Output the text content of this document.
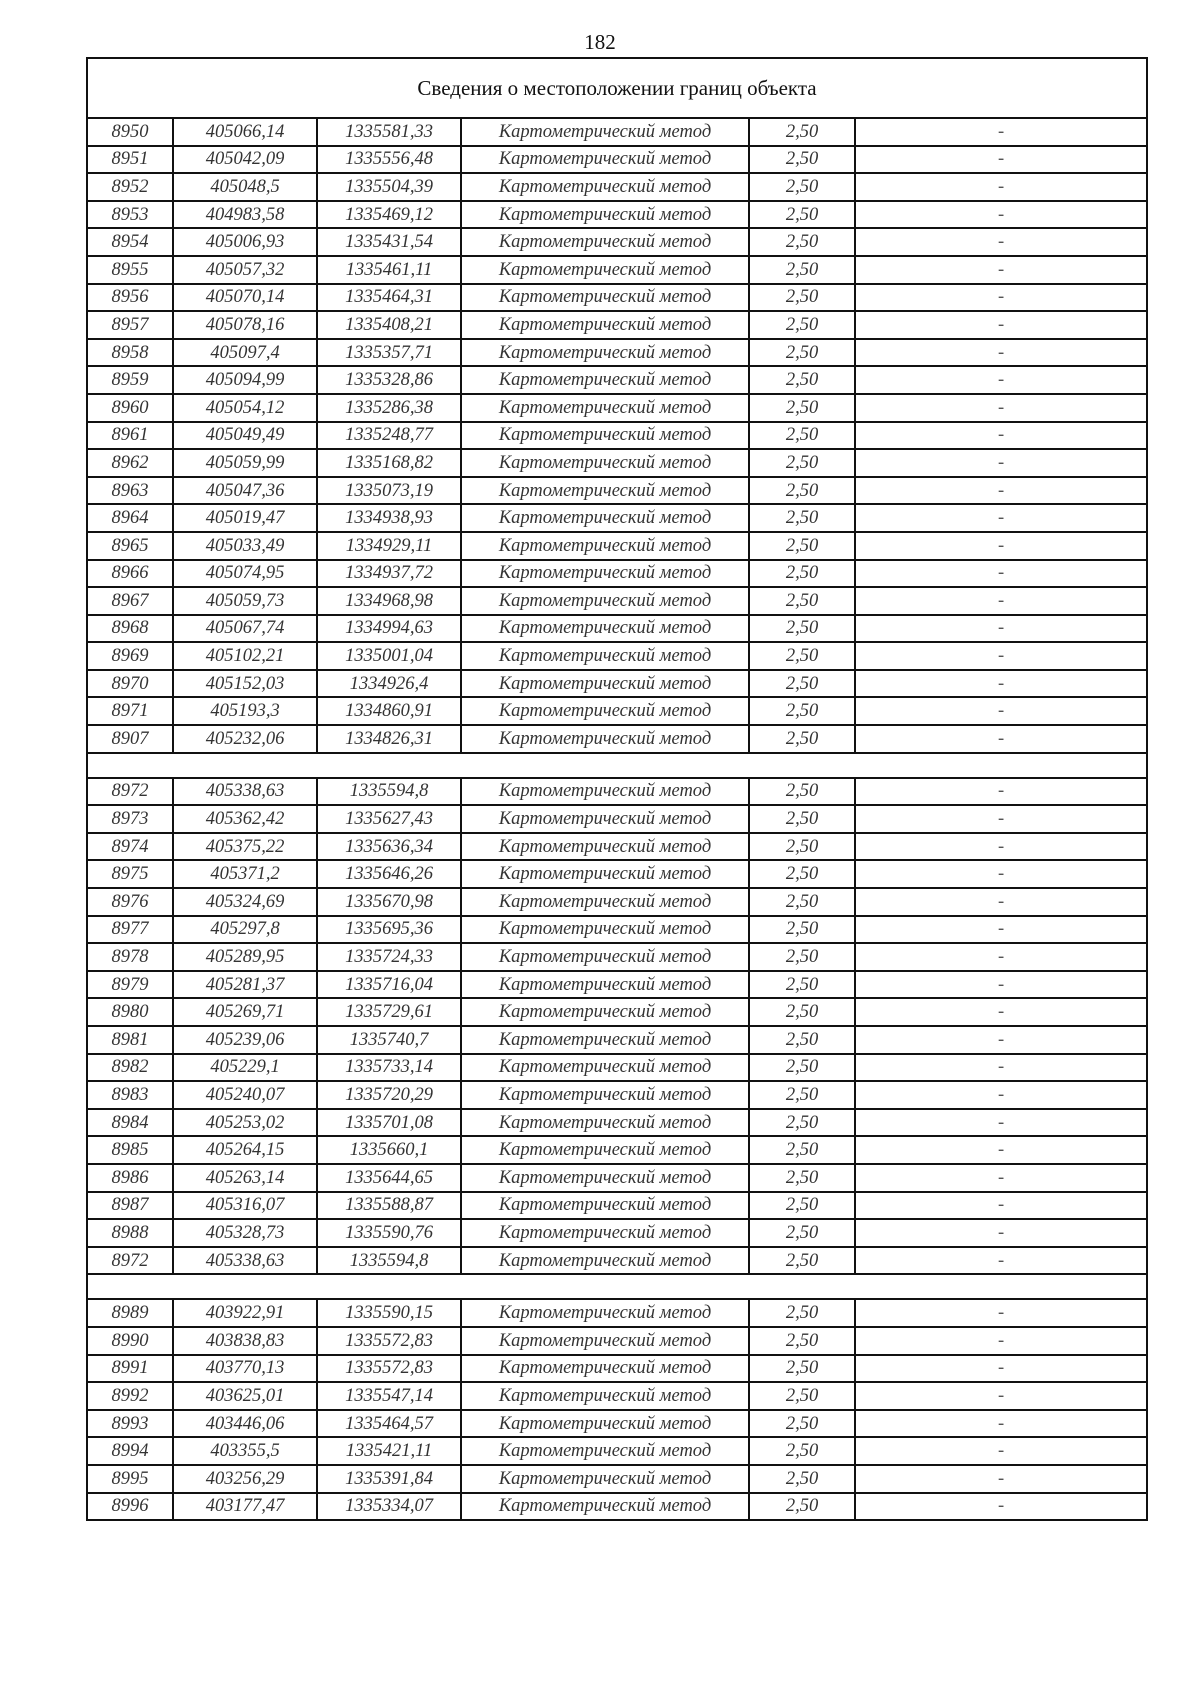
182
Сведения о местоположении границ объекта					
8950	405066,14	1335581,33	Картометрический метод	2,50	-
8951	405042,09	1335556,48	Картометрический метод	2,50	-
8952	405048,5	1335504,39	Картометрический метод	2,50	-
8953	404983,58	1335469,12	Картометрический метод	2,50	-
8954	405006,93	1335431,54	Картометрический метод	2,50	-
8955	405057,32	1335461,11	Картометрический метод	2,50	-
8956	405070,14	1335464,31	Картометрический метод	2,50	-
8957	405078,16	1335408,21	Картометрический метод	2,50	-
8958	405097,4	1335357,71	Картометрический метод	2,50	-
8959	405094,99	1335328,86	Картометрический метод	2,50	-
8960	405054,12	1335286,38	Картометрический метод	2,50	-
8961	405049,49	1335248,77	Картометрический метод	2,50	-
8962	405059,99	1335168,82	Картометрический метод	2,50	-
8963	405047,36	1335073,19	Картометрический метод	2,50	-
8964	405019,47	1334938,93	Картометрический метод	2,50	-
8965	405033,49	1334929,11	Картометрический метод	2,50	-
8966	405074,95	1334937,72	Картометрический метод	2,50	-
8967	405059,73	1334968,98	Картометрический метод	2,50	-
8968	405067,74	1334994,63	Картометрический метод	2,50	-
8969	405102,21	1335001,04	Картометрический метод	2,50	-
8970	405152,03	1334926,4	Картометрический метод	2,50	-
8971	405193,3	1334860,91	Картометрический метод	2,50	-
8907	405232,06	1334826,31	Картометрический метод	2,50	-

8972	405338,63	1335594,8	Картометрический метод	2,50	-
8973	405362,42	1335627,43	Картометрический метод	2,50	-
8974	405375,22	1335636,34	Картометрический метод	2,50	-
8975	405371,2	1335646,26	Картометрический метод	2,50	-
8976	405324,69	1335670,98	Картометрический метод	2,50	-
8977	405297,8	1335695,36	Картометрический метод	2,50	-
8978	405289,95	1335724,33	Картометрический метод	2,50	-
8979	405281,37	1335716,04	Картометрический метод	2,50	-
8980	405269,71	1335729,61	Картометрический метод	2,50	-
8981	405239,06	1335740,7	Картометрический метод	2,50	-
8982	405229,1	1335733,14	Картометрический метод	2,50	-
8983	405240,07	1335720,29	Картометрический метод	2,50	-
8984	405253,02	1335701,08	Картометрический метод	2,50	-
8985	405264,15	1335660,1	Картометрический метод	2,50	-
8986	405263,14	1335644,65	Картометрический метод	2,50	-
8987	405316,07	1335588,87	Картометрический метод	2,50	-
8988	405328,73	1335590,76	Картометрический метод	2,50	-
8972	405338,63	1335594,8	Картометрический метод	2,50	-

8989	403922,91	1335590,15	Картометрический метод	2,50	-
8990	403838,83	1335572,83	Картометрический метод	2,50	-
8991	403770,13	1335572,83	Картометрический метод	2,50	-
8992	403625,01	1335547,14	Картометрический метод	2,50	-
8993	403446,06	1335464,57	Картометрический метод	2,50	-
8994	403355,5	1335421,11	Картометрический метод	2,50	-
8995	403256,29	1335391,84	Картометрический метод	2,50	-
8996	403177,47	1335334,07	Картометрический метод	2,50	-
